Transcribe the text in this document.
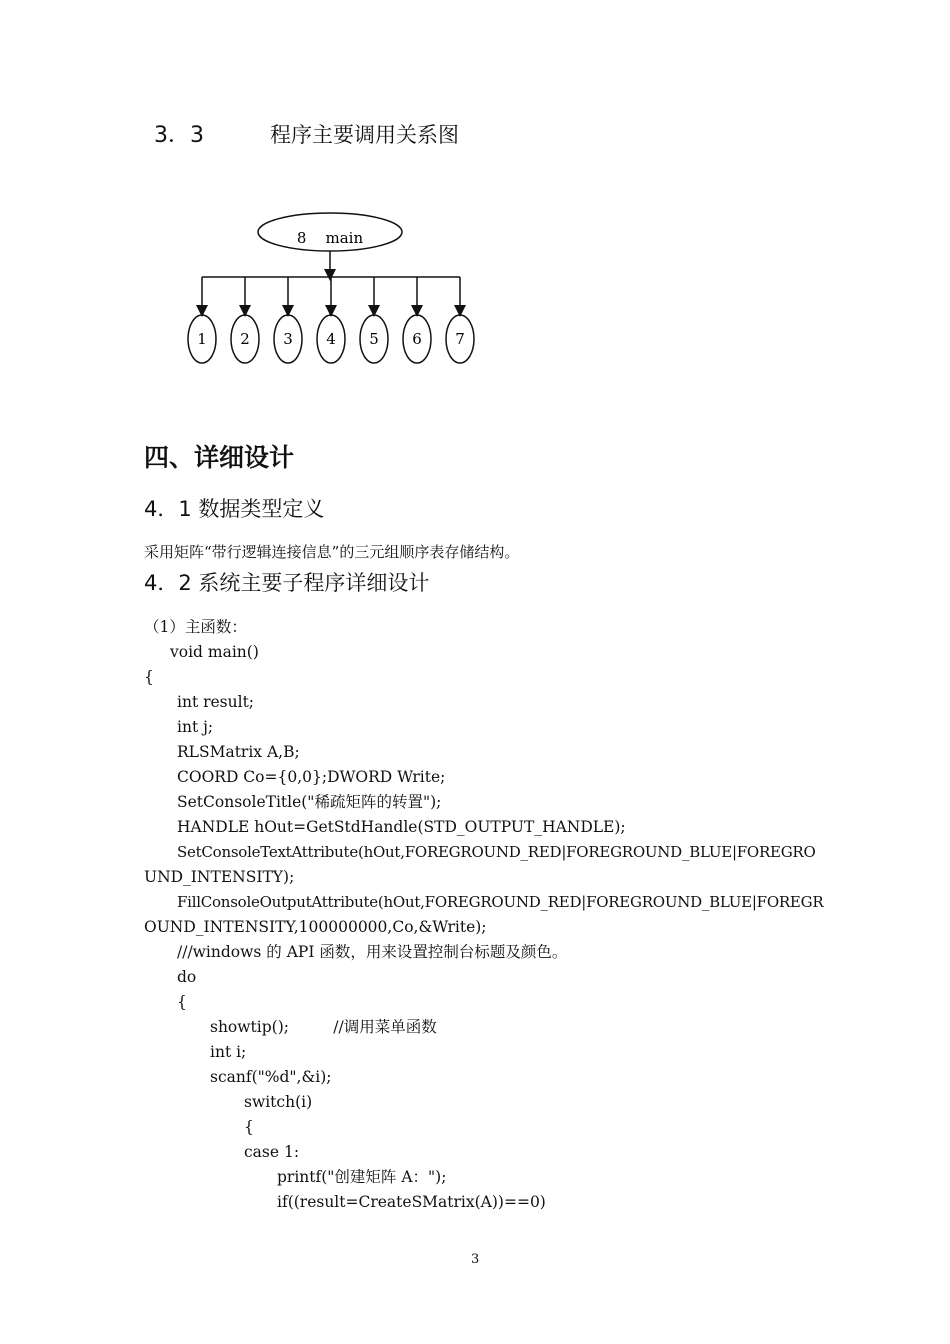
3．3	程序主要调用关系图
8    main
1 2 3 4 5 6 7
四、详细设计
4．1 数据类型定义
采用矩阵“带行逻辑连接信息”的三元组顺序表存储结构。
4．2 系统主要子程序详细设计
（1）主函数：
void main()
{
int result;
int j;
RLSMatrix A,B;
COORD Co={0,0};DWORD Write;
SetConsoleTitle("稀疏矩阵的转置");
HANDLE hOut=GetStdHandle(STD_OUTPUT_HANDLE);
SetConsoleTextAttribute(hOut,FOREGROUND_RED|FOREGROUND_BLUE|FOREGRO
UND_INTENSITY);
FillConsoleOutputAttribute(hOut,FOREGROUND_RED|FOREGROUND_BLUE|FOREGR
OUND_INTENSITY,100000000,Co,&Write);
///windows 的 API 函数，用来设置控制台标题及颜色。
do
{
showtip();         //调用菜单函数
int i;
scanf("%d",&i);
switch(i)
{
case 1:
printf("创建矩阵 A：");
if((result=CreateSMatrix(A))==0)
3
